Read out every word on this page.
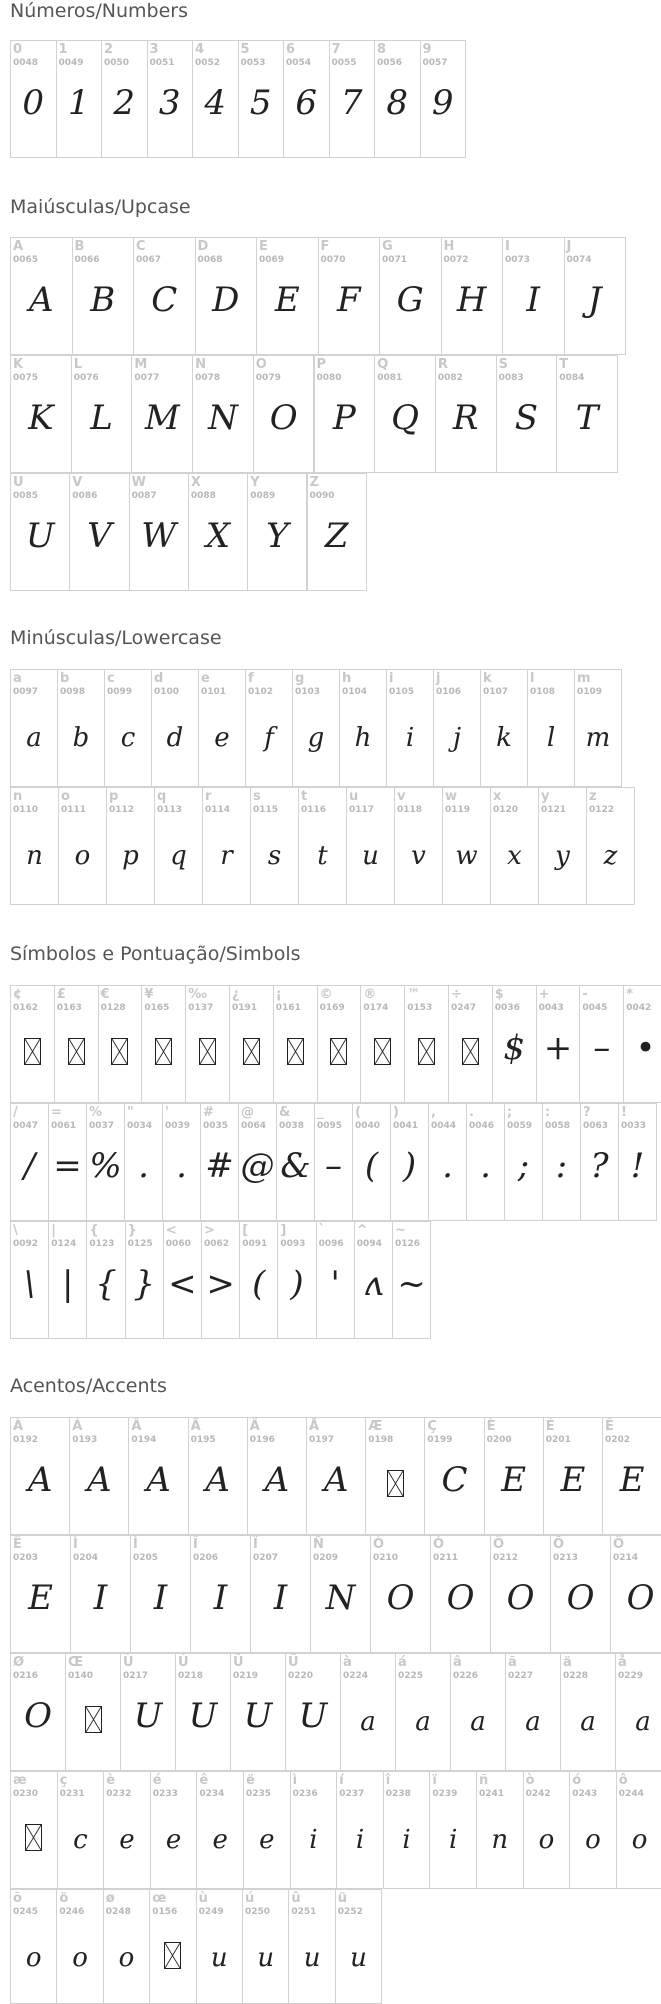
Números/Numbers
0
0048
0
1
0049
1
2
0050
2
3
0051
3
4
0052
4
5
0053
5
6
0054
6
7
0055
7
8
0056
8
9
0057
9
Maiúsculas/Upcase
A
0065
A
B
0066
B
C
0067
C
D
0068
D
E
0069
E
F
0070
F
G
0071
G
H
0072
H
I
0073
I
J
0074
J
K
0075
K
L
0076
L
M
0077
M
N
0078
N
O
0079
O
P
0080
P
Q
0081
Q
R
0082
R
S
0083
S
T
0084
T
U
0085
U
V
0086
V
W
0087
W
X
0088
X
Y
0089
Y
Z
0090
Z
Minúsculas/Lowercase
a
0097
a
b
0098
b
c
0099
c
d
0100
d
e
0101
e
f
0102
f
g
0103
g
h
0104
h
i
0105
i
j
0106
j
k
0107
k
l
0108
l
m
0109
m
n
0110
n
o
0111
o
p
0112
p
q
0113
q
r
0114
r
s
0115
s
t
0116
t
u
0117
u
v
0118
v
w
0119
w
x
0120
x
y
0121
y
z
0122
z
Símbolos e Pontuação/Simbols
¢
0162
£
0163
€
0128
¥
0165
‰
0137
¿
0191
¡
0161
©
0169
®
0174
™
0153
÷
0247
$
0036
$
+
0043
+
-
0045
–
*
0042
•
/
0047
/
=
0061
=
%
0037
%
"
0034
.
'
0039
.
#
0035
#
@
0064
@
&
0038
&
_
0095
–
(
0040
(
)
0041
)
,
0044
.
.
0046
.
;
0059
;
:
0058
:
?
0063
?
!
0033
!
\
0092
\
|
0124
|
{
0123
{
}
0125
}
<
0060
<
>
0062
>
[
0091
(
]
0093
)
`
0096
'
^
0094
ʌ
~
0126
~
Acentos/Accents
À
0192
A
Á
0193
A
Â
0194
A
Ã
0195
A
Ä
0196
A
Å
0197
A
Æ
0198
Ç
0199
C
È
0200
E
É
0201
E
Ê
0202
E
Ë
0203
E
Ì
0204
I
Í
0205
I
Î
0206
I
Ï
0207
I
Ñ
0209
N
Ò
0210
O
Ó
0211
O
Ô
0212
O
Õ
0213
O
Ö
0214
O
Ø
0216
O
Œ
0140
Ù
0217
U
Ú
0218
U
Û
0219
U
Ü
0220
U
à
0224
a
á
0225
a
â
0226
a
ã
0227
a
ä
0228
a
å
0229
a
æ
0230
ç
0231
c
è
0232
e
é
0233
e
ê
0234
e
ë
0235
e
ì
0236
i
í
0237
i
î
0238
i
ï
0239
i
ñ
0241
n
ò
0242
o
ó
0243
o
ô
0244
o
õ
0245
o
ö
0246
o
ø
0248
o
œ
0156
ù
0249
u
ú
0250
u
û
0251
u
ü
0252
u
